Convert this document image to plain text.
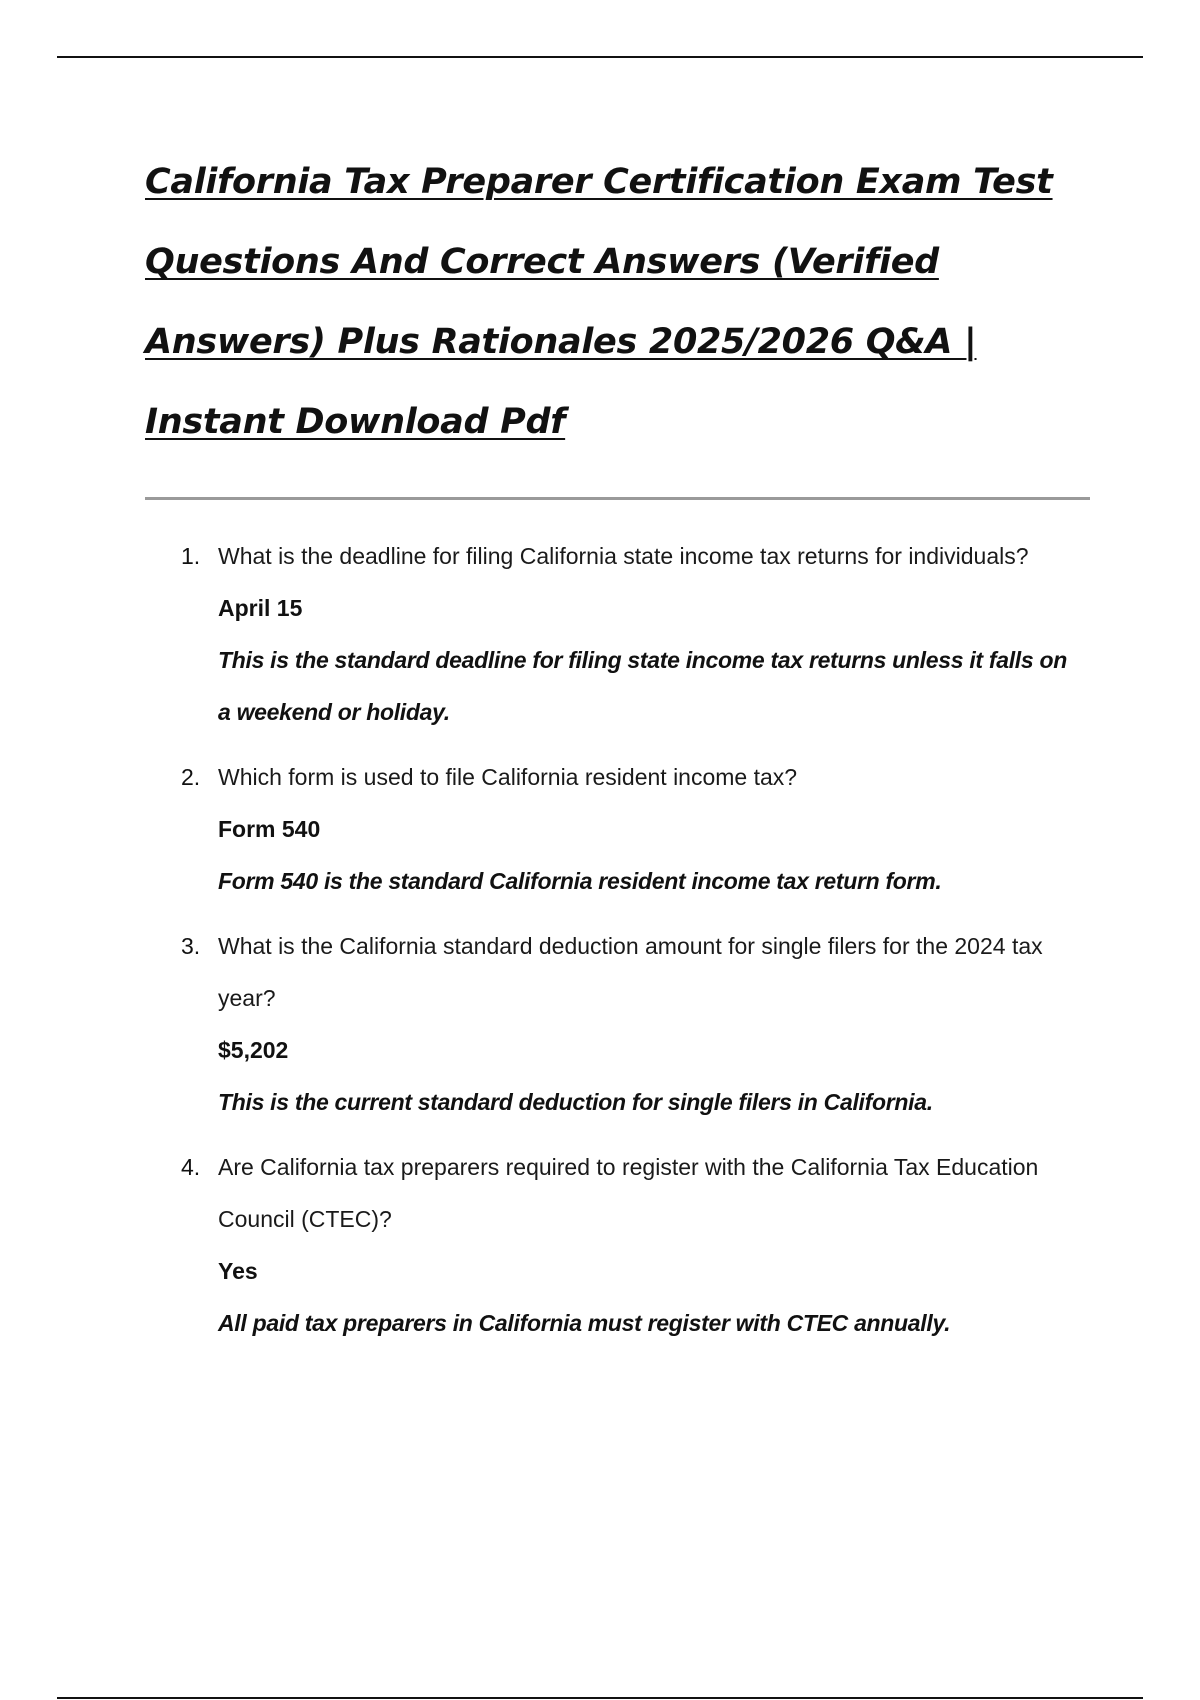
California Tax Preparer Certification Exam Test Questions And Correct Answers (Verified Answers) Plus Rationales 2025/2026 Q&A | Instant Download Pdf
1. What is the deadline for filing California state income tax returns for individuals?
April 15
This is the standard deadline for filing state income tax returns unless it falls on a weekend or holiday.
2. Which form is used to file California resident income tax?
Form 540
Form 540 is the standard California resident income tax return form.
3. What is the California standard deduction amount for single filers for the 2024 tax year?
$5,202
This is the current standard deduction for single filers in California.
4. Are California tax preparers required to register with the California Tax Education Council (CTEC)?
Yes
All paid tax preparers in California must register with CTEC annually.
